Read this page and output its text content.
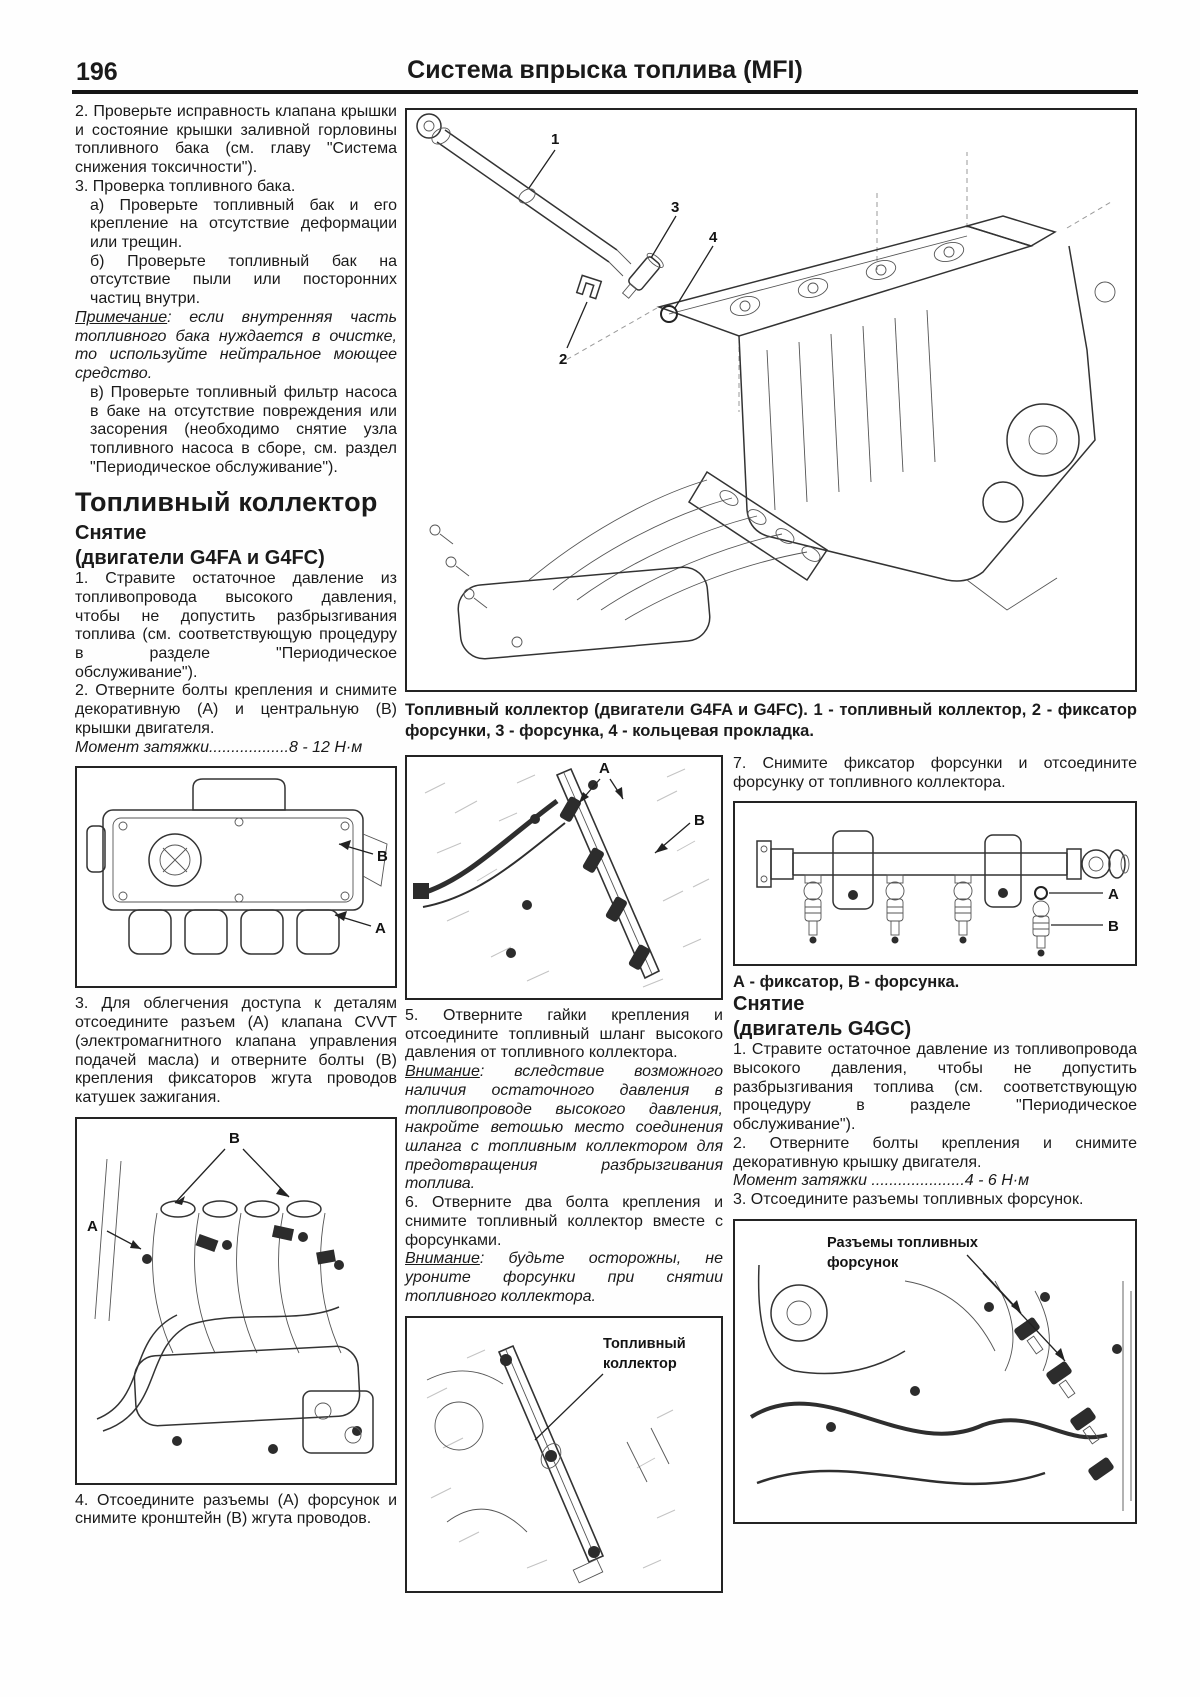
196	Система впрыска топлива (MFI)

2. Проверьте исправность клапана крышки и состояние крышки заливной горловины топливного бака (см. главу "Система снижения токсичности").

3. Проверка топливного бака.

а) Проверьте топливный бак и его крепление на отсутствие деформации или трещин.

б) Проверьте топливный бак на отсутствие пыли или посторонних частиц внутри.

Примечание: если внутренняя часть топливного бака нуждается в очистке, то используйте нейтральное моющее средство.

в) Проверьте топливный фильтр насоса в баке на отсутствие повреждения или засорения (необходимо снятие узла топливного насоса в сборе, см. раздел "Периодическое обслуживание").

Топливный коллектор
Снятие
(двигатели G4FA и G4FC)

1. Стравите остаточное давление из топливопровода высокого давления, чтобы не допустить разбрызгивания топлива (см. соответствующую процедуру в разделе "Периодическое обслуживание").

2. Отверните болты крепления и снимите декоративную (А) и центральную (В) крышки двигателя.

Момент затяжки..................8 - 12 Н·м

B
A

3. Для облегчения доступа к деталям отсоедините разъем (А) клапана CVVT (электромагнитного клапана управления подачей масла) и отверните болты (В) крепления фиксаторов жгута проводов катушек зажигания.

B
A

4. Отсоедините разъемы (А) форсунок и снимите кронштейн (В) жгута проводов.

1
3
4
2

Топливный коллектор (двигатели G4FA и G4FC). 1 - топливный коллектор, 2 - фиксатор форсунки, 3 - форсунка, 4 - кольцевая прокладка.

A
B

5. Отверните гайки крепления и отсоедините топливный шланг высокого давления от топливного коллектора.

Внимание: вследствие возможного наличия остаточного давления в топливопроводе высокого давления, накройте ветошью место соединения шланга с топливным коллектором для предотвращения разбрызгивания топлива.

6. Отверните два болта крепления и снимите топливный коллектор вместе с форсунками.

Внимание: будьте осторожны, не уроните форсунки при снятии топливного коллектора.

Топливный
коллектор

7. Снимите фиксатор форсунки и отсоедините форсунку от топливного коллектора.

A
B

А - фиксатор, В - форсунка.

Снятие
(двигатель G4GC)

1. Стравите остаточное давление из топливопровода высокого давления, чтобы не допустить разбрызгивания топлива (см. соответствующую процедуру в разделе "Периодическое обслуживание").

2. Отверните болты крепления и снимите декоративную крышку двигателя.

Момент затяжки .....................4 - 6 Н·м

3. Отсоедините разъемы топливных форсунок.

Разъемы топливных
форсунок
